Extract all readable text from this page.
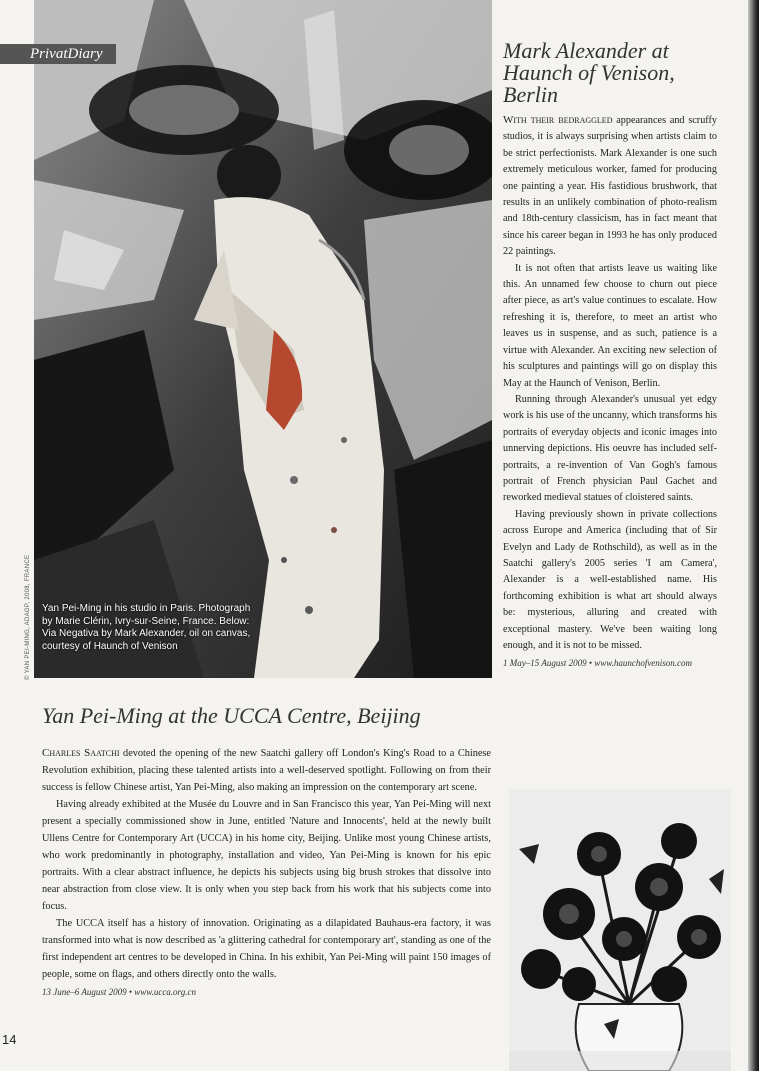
© YAN PEI-MING, ADAGP, 2008, FRANCE Yan Pei-Ming in his studio in Paris. Photograph by Marie Clérin, Ivry-sur-Seine, France. Below: Via Negativa by Mark Alexander, oil on canvas, courtesy of Haunch of Venison
PrivatDiary	Mark Alexander at Haunch of Venison, Berlin

With their bedraggled appearances and scruffy studios, it is always surprising when artists claim to be strict perfectionists. Mark Alexander is one such extremely meticulous worker, famed for producing one painting a year. His fastidious brushwork, that results in an unlikely combination of photo-realism and 18th-century classicism, has in fact meant that since his career began in 1993 he has only produced 22 paintings.

It is not often that artists leave us waiting like this. An unnamed few choose to churn out piece after piece, as art's value continues to escalate. How refreshing it is, therefore, to meet an artist who leaves us in suspense, and as such, patience is a virtue with Alexander. An exciting new selection of his sculptures and paintings will go on display this May at the Haunch of Venison, Berlin.

Running through Alexander's unusual yet edgy work is his use of the uncanny, which transforms his portraits of everyday objects and iconic images into unnerving depictions. His oeuvre has included self-portraits, a re-invention of Van Gogh's famous portrait of French physician Paul Gachet and reworked medieval statues of cloistered saints.

Having previously shown in private collections across Europe and America (including that of Sir Evelyn and Lady de Rothschild), as well as in the Saatchi gallery's 2005 series 'I am Camera', Alexander is a well-established name. His forthcoming exhibition is what art should always be: mysterious, alluring and created with exceptional mastery. We've been waiting long enough, and it is not to be missed.

1 May–15 August 2009 • www.haunchofvenison.com
Yan Pei-Ming at the UCCA Centre, Beijing

Charles Saatchi devoted the opening of the new Saatchi gallery off London's King's Road to a Chinese Revolution exhibition, placing these talented artists into a well-deserved spotlight. Following on from their success is fellow Chinese artist, Yan Pei-Ming, also making an impression on the contemporary art scene.

Having already exhibited at the Musée du Louvre and in San Francisco this year, Yan Pei-Ming will next present a specially commissioned show in June, entitled 'Nature and Innocents', held at the newly built Ullens Centre for Contemporary Art (UCCA) in his home city, Beijing. Unlike most young Chinese artists, who work predominantly in photography, installation and video, Yan Pei-Ming is known for his epic portraits. With a clear abstract influence, he depicts his subjects using big brush strokes that dissolve into near abstraction from close view. It is only when you step back from his work that his subjects come into focus.

The UCCA itself has a history of innovation. Originating as a dilapidated Bauhaus-era factory, it was transformed into what is now described as 'a glittering cathedral for contemporary art', standing as one of the first independent art centres to be developed in China. In his exhibit, Yan Pei-Ming will paint 150 images of people, some on flags, and others directly onto the walls.

13 June–6 August 2009 • www.ucca.org.cn
14
